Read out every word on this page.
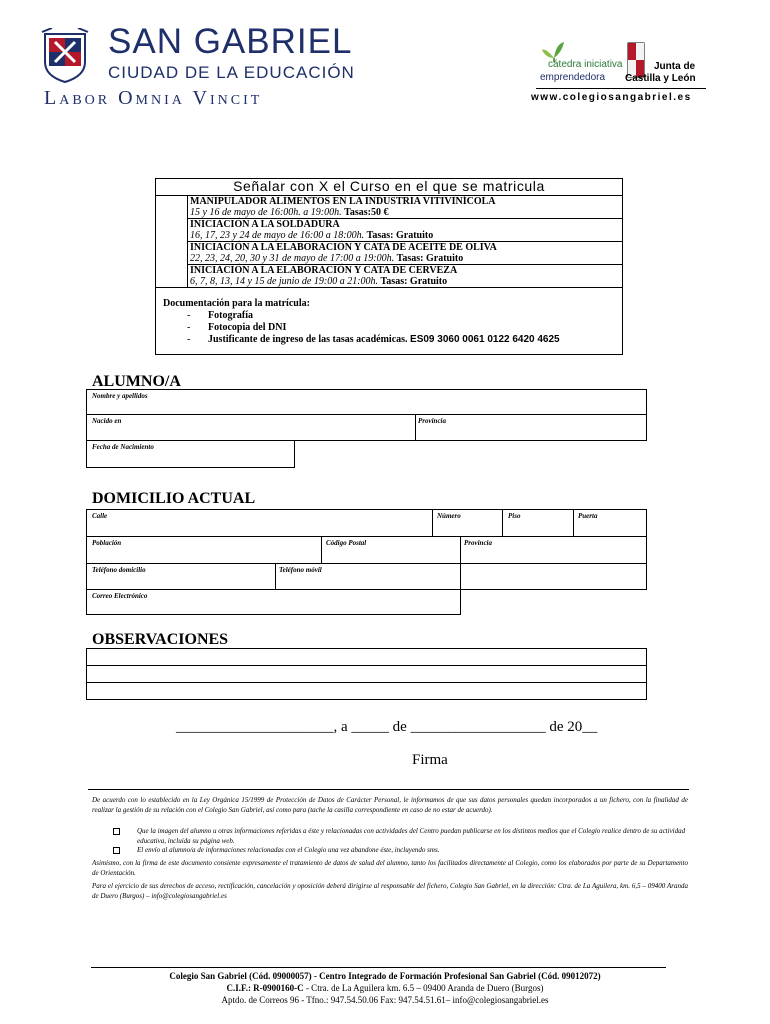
SAN GABRIEL
CIUDAD DE LA EDUCACIÓN
Labor Omnia Vincit
cátedra iniciativa
emprendedora
Junta de
Castilla y León
www.colegiosangabriel.es
Señalar con X el Curso en el que se matricula
MANIPULADOR ALIMENTOS EN LA INDUSTRIA VITIVINÍCOLA
15 y 16 de mayo de 16:00h. a 19:00h. Tasas:50 €
INICIACIÓN A LA SOLDADURA
16, 17, 23 y 24 de mayo de 16:00 a 18:00h. Tasas: Gratuito
INICIACIÓN A LA ELABORACIÓN Y CATA DE ACEITE DE OLIVA
22, 23, 24, 20, 30 y 31 de mayo de 17:00 a 19:00h. Tasas: Gratuito
INICIACIÓN A LA ELABORACIÓN Y CATA DE CERVEZA
6, 7, 8, 13, 14 y 15 de junio de 19:00 a 21:00h. Tasas: Gratuito
Documentación para la matrícula:
- Fotografía
- Fotocopia del DNI
- Justificante de ingreso de las tasas académicas. ES09 3060 0061 0122 6420 4625
ALUMNO/A
Nombre y apellidos
Nacido en	Provincia
Fecha de Nacimiento
DOMICILIO ACTUAL
Calle	Número	Piso	Puerta
Población	Código Postal	Provincia
Teléfono domicilio	Teléfono móvil
Correo Electrónico
OBSERVACIONES
_____________________, a _____ de __________________ de 20__
Firma
De acuerdo con lo establecido en la Ley Orgánica 15/1999 de Protección de Datos de Carácter Personal, le informamos de que sus datos personales quedan incorporados a un fichero, con la finalidad de realizar la gestión de su relación con el Colegio San Gabriel, así como para (tache la casilla correspondiente en caso de no estar de acuerdo).
Que la imagen del alumno u otras informaciones referidas a éste y relacionadas con actividades del Centro puedan publicarse en los distintos medios que el Colegio realice dentro de su actividad educativa, incluida su página web.
El envío al alumno/a de informaciones relacionadas con el Colegio una vez abandone éste, incluyendo sms.
Asimismo, con la firma de este documento consiente expresamente el tratamiento de datos de salud del alumno, tanto los facilitados directamente al Colegio, como los elaborados por parte de su Departamento de Orientación.
Para el ejercicio de sus derechos de acceso, rectificación, cancelación y oposición deberá dirigirse al responsable del fichero, Colegio San Gabriel, en la dirección: Ctra. de La Aguilera, km. 6,5 – 09400 Aranda de Duero (Burgos) – info@colegiosangabriel.es
Colegio San Gabriel (Cód. 09000057) - Centro Integrado de Formación Profesional San Gabriel (Cód. 09012072)
C.I.F.: R-0900160-C - Ctra. de La Aguilera km. 6.5 – 09400 Aranda de Duero (Burgos)
Aptdo. de Correos 96 - Tfno.: 947.54.50.06 Fax: 947.54.51.61– info@colegiosangabriel.es
